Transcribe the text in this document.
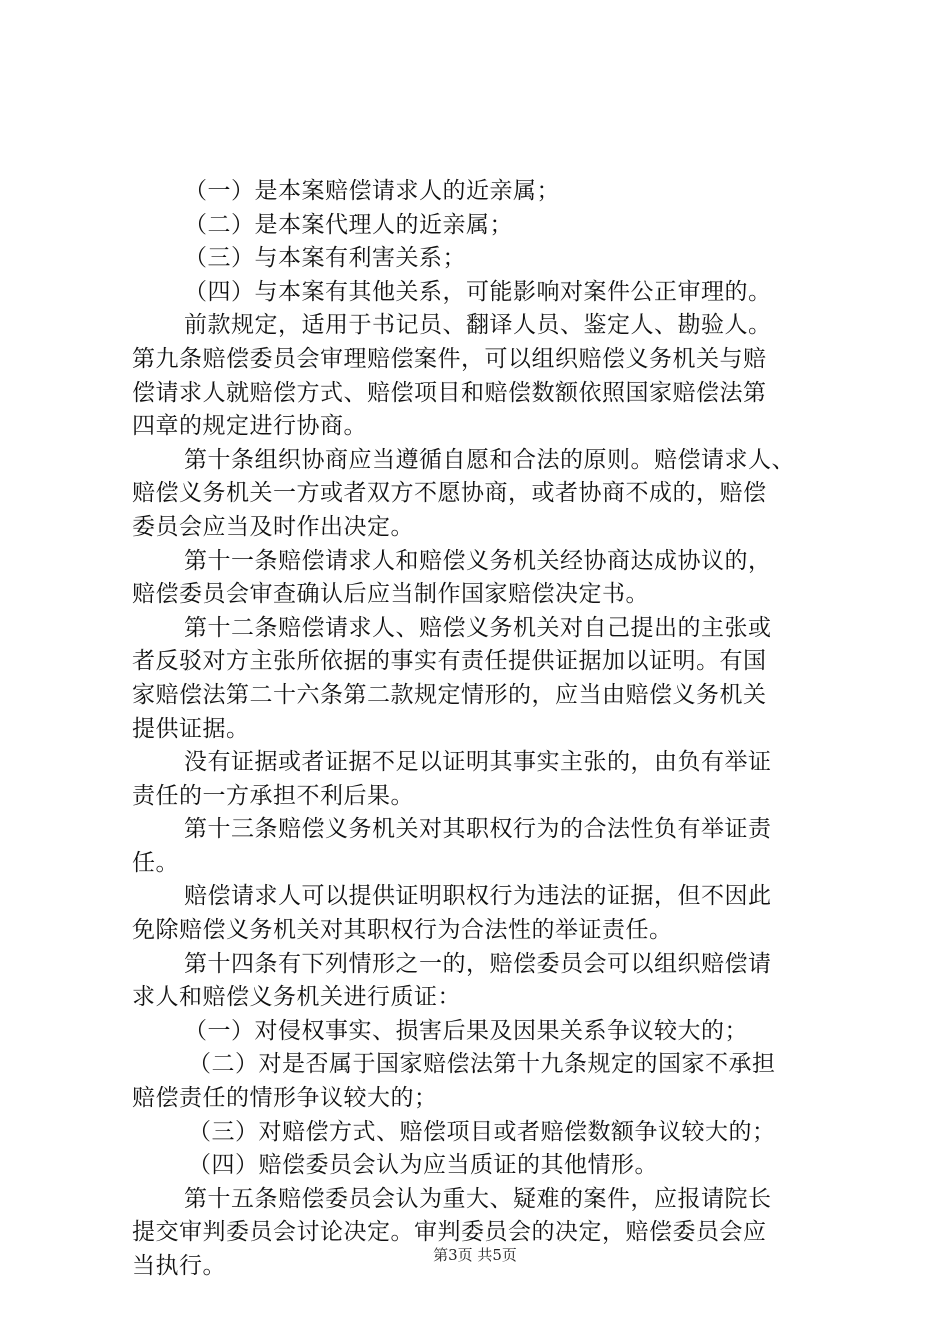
（一）是本案赔偿请求人的近亲属；
（二）是本案代理人的近亲属；
（三）与本案有利害关系；
（四）与本案有其他关系，可能影响对案件公正审理的。
前款规定，适用于书记员、翻译人员、鉴定人、勘验人。
第九条赔偿委员会审理赔偿案件，可以组织赔偿义务机关与赔
偿请求人就赔偿方式、赔偿项目和赔偿数额依照国家赔偿法第
四章的规定进行协商。
第十条组织协商应当遵循自愿和合法的原则。赔偿请求人、
赔偿义务机关一方或者双方不愿协商，或者协商不成的，赔偿
委员会应当及时作出决定。
第十一条赔偿请求人和赔偿义务机关经协商达成协议的，
赔偿委员会审查确认后应当制作国家赔偿决定书。
第十二条赔偿请求人、赔偿义务机关对自己提出的主张或
者反驳对方主张所依据的事实有责任提供证据加以证明。有国
家赔偿法第二十六条第二款规定情形的，应当由赔偿义务机关
提供证据。
没有证据或者证据不足以证明其事实主张的，由负有举证
责任的一方承担不利后果。
第十三条赔偿义务机关对其职权行为的合法性负有举证责
任。
赔偿请求人可以提供证明职权行为违法的证据，但不因此
免除赔偿义务机关对其职权行为合法性的举证责任。
第十四条有下列情形之一的，赔偿委员会可以组织赔偿请
求人和赔偿义务机关进行质证：
（一）对侵权事实、损害后果及因果关系争议较大的；
（二）对是否属于国家赔偿法第十九条规定的国家不承担
赔偿责任的情形争议较大的；
（三）对赔偿方式、赔偿项目或者赔偿数额争议较大的；
（四）赔偿委员会认为应当质证的其他情形。
第十五条赔偿委员会认为重大、疑难的案件，应报请院长
提交审判委员会讨论决定。审判委员会的决定，赔偿委员会应
当执行。	第3页 共5页
